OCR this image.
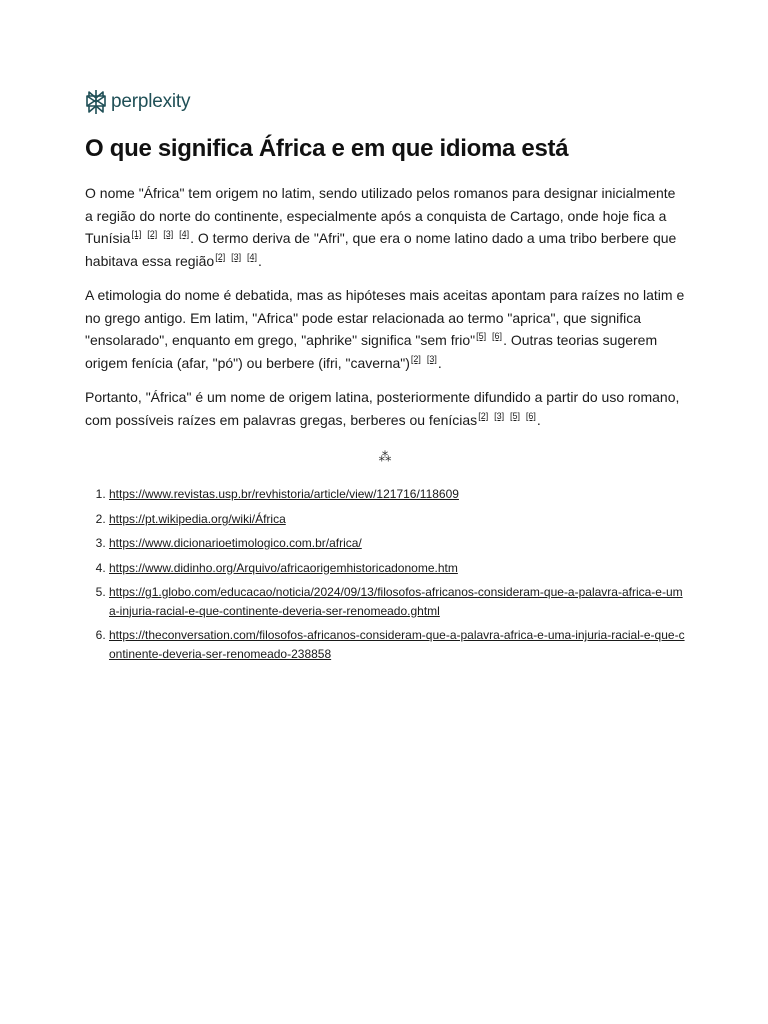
perplexity
O que significa África e em que idioma está

O nome "África" tem origem no latim, sendo utilizado pelos romanos para designar inicialmente a região do norte do continente, especialmente após a conquista de Cartago, onde hoje fica a Tunísia[1] [2] [3] [4]. O termo deriva de "Afri", que era o nome latino dado a uma tribo berbere que habitava essa região[2] [3] [4].

A etimologia do nome é debatida, mas as hipóteses mais aceitas apontam para raízes no latim e no grego antigo. Em latim, "Africa" pode estar relacionada ao termo "aprica", que significa "ensolarado", enquanto em grego, "aphrike" significa "sem frio"[5] [6]. Outras teorias sugerem origem fenícia (afar, "pó") ou berbere (ifri, "caverna")[2] [3].

Portanto, "África" é um nome de origem latina, posteriormente difundido a partir do uso romano, com possíveis raízes em palavras gregas, berberes ou fenícias[2] [3] [5] [6].

⁂
1. https://www.revistas.usp.br/revhistoria/article/view/121716/118609
2. https://pt.wikipedia.org/wiki/África
3. https://www.dicionarioetimologico.com.br/africa/
4. https://www.didinho.org/Arquivo/africaorigemhistoricadonome.htm
5. https://g1.globo.com/educacao/noticia/2024/09/13/filosofos-africanos-consideram-que-a-palavra-africa-e-uma-injuria-racial-e-que-continente-deveria-ser-renomeado.ghtml
6. https://theconversation.com/filosofos-africanos-consideram-que-a-palavra-africa-e-uma-injuria-racial-e-que-continente-deveria-ser-renomeado-238858
